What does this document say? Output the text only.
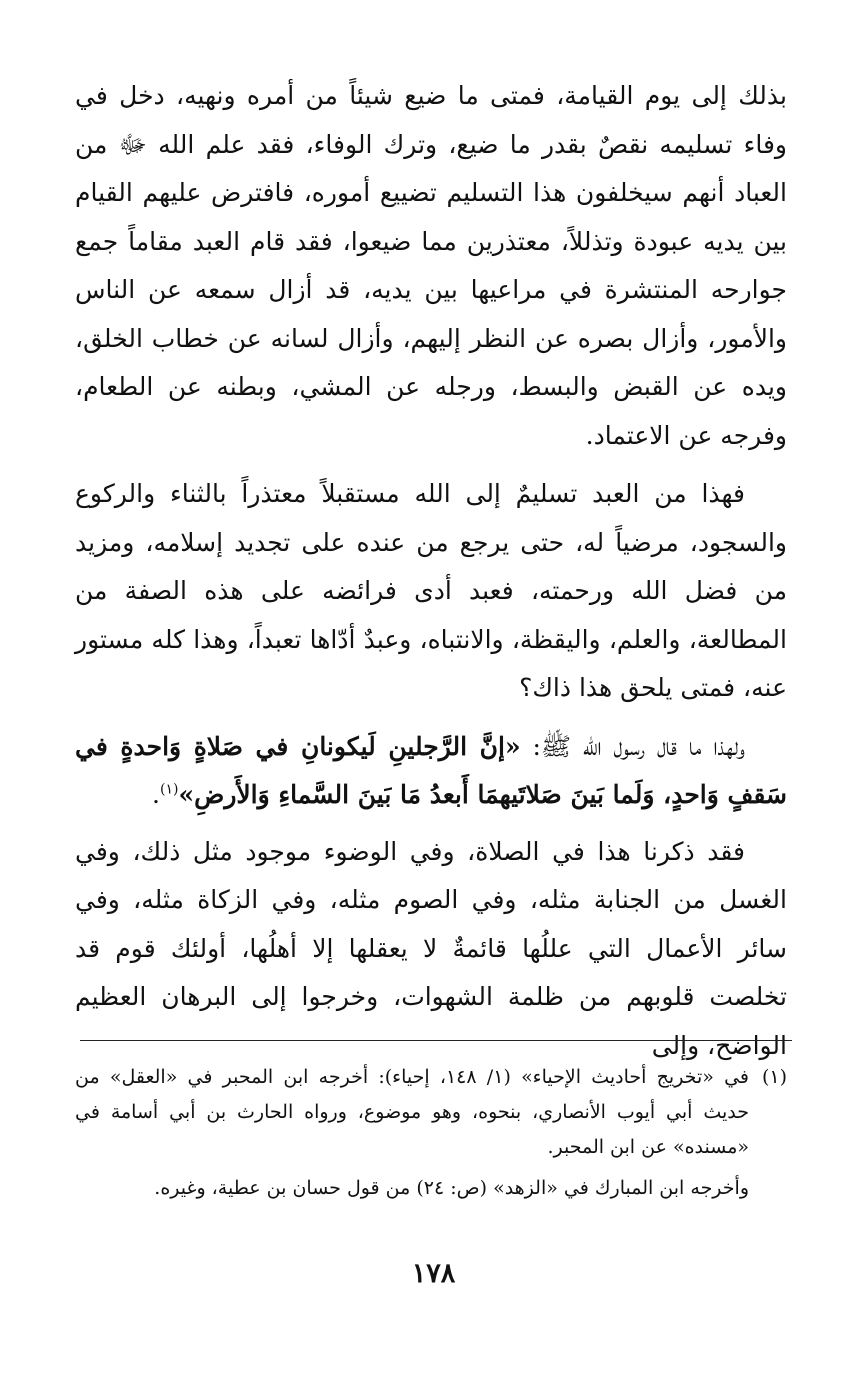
بذلك إلى يوم القيامة، فمتى ما ضيع شيئاً من أمره ونهيه، دخل في وفاء تسليمه نقصٌ بقدر ما ضيع، وترك الوفاء، فقد علم الله ﷻ من العباد أنهم سيخلفون هذا التسليم تضييع أموره، فافترض عليهم القيام بين يديه عبودة وتذللاً، معتذرين مما ضيعوا، فقد قام العبد مقاماً جمع جوارحه المنتشرة في مراعيها بين يديه، قد أزال سمعه عن الناس والأمور، وأزال بصره عن النظر إليهم، وأزال لسانه عن خطاب الخلق، ويده عن القبض والبسط، ورجله عن المشي، وبطنه عن الطعام، وفرجه عن الاعتماد.

فهذا من العبد تسليمٌ إلى الله مستقبلاً معتذراً بالثناء والركوع والسجود، مرضياً له، حتى يرجع من عنده على تجديد إسلامه، ومزيد من فضل الله ورحمته، فعبد أدى فرائضه على هذه الصفة من المطالعة، والعلم، واليقظة، والانتباه، وعبدٌ أدّاها تعبداً، وهذا كله مستور عنه، فمتى يلحق هذا ذاك؟

ولهذا ما قال رسول الله ﷺ: «إنَّ الرَّجلينِ لَيكونانِ في صَلاةٍ وَاحدةٍ في سَقفٍ وَاحدٍ، وَلَما بَينَ صَلاتَيهمَا أَبعدُ مَا بَينَ السَّماءِ وَالأَرضِ»$^{(١)}$.

فقد ذكرنا هذا في الصلاة، وفي الوضوء موجود مثل ذلك، وفي الغسل من الجنابة مثله، وفي الصوم مثله، وفي الزكاة مثله، وفي سائر الأعمال التي عللُها قائمةٌ لا يعقلها إلا أهلُها، أولئك قوم قد تخلصت قلوبهم من ظلمة الشهوات، وخرجوا إلى البرهان العظيم الواضح، وإلى

(١)
في «تخريج أحاديث الإحياء» (١/ ١٤٨، إحياء): أخرجه ابن المحبر في «العقل» من حديث أبي أيوب الأنصاري، بنحوه، وهو موضوع، ورواه الحارث بن أبي أسامة في «مسنده» عن ابن المحبر.
وأخرجه ابن المبارك في «الزهد» (ص: ٢٤) من قول حسان بن عطية، وغيره.
١٧٨
